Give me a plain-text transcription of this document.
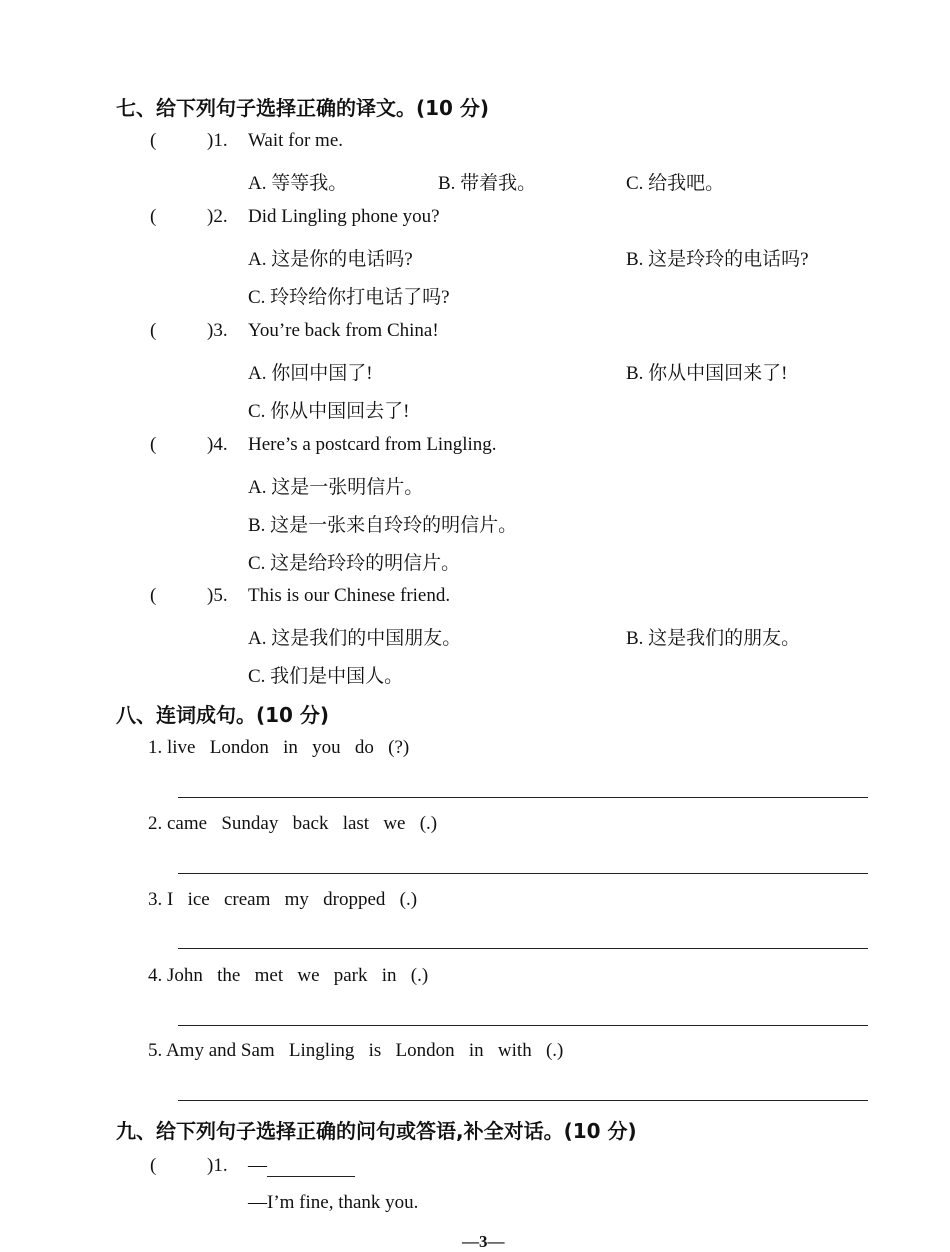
七、给下列句子选择正确的译文。(10 分)
(	)1. Wait for me.
A. 等等我。	B. 带着我。	C. 给我吧。
(	)2. Did Lingling phone you?
A. 这是你的电话吗?	B. 这是玲玲的电话吗?
C. 玲玲给你打电话了吗?
(	)3. You’re back from China!
A. 你回中国了!	B. 你从中国回来了!
C. 你从中国回去了!
(	)4. Here’s a postcard from Lingling.
A. 这是一张明信片。
B. 这是一张来自玲玲的明信片。
C. 这是给玲玲的明信片。
(	)5. This is our Chinese friend.
A. 这是我们的中国朋友。	B. 这是我们的朋友。
C. 我们是中国人。
八、连词成句。(10 分)
1. live   London   in   you   do   (?)
2. came   Sunday   back   last   we   (.)
3. I   ice   cream   my   dropped   (.)
4. John   the   met   we   park   in   (.)
5. Amy and Sam   Lingling   is   London   in   with   (.)
九、给下列句子选择正确的问句或答语,补全对话。(10 分)
(	)1. —
—I’m fine, thank you.
—3—
